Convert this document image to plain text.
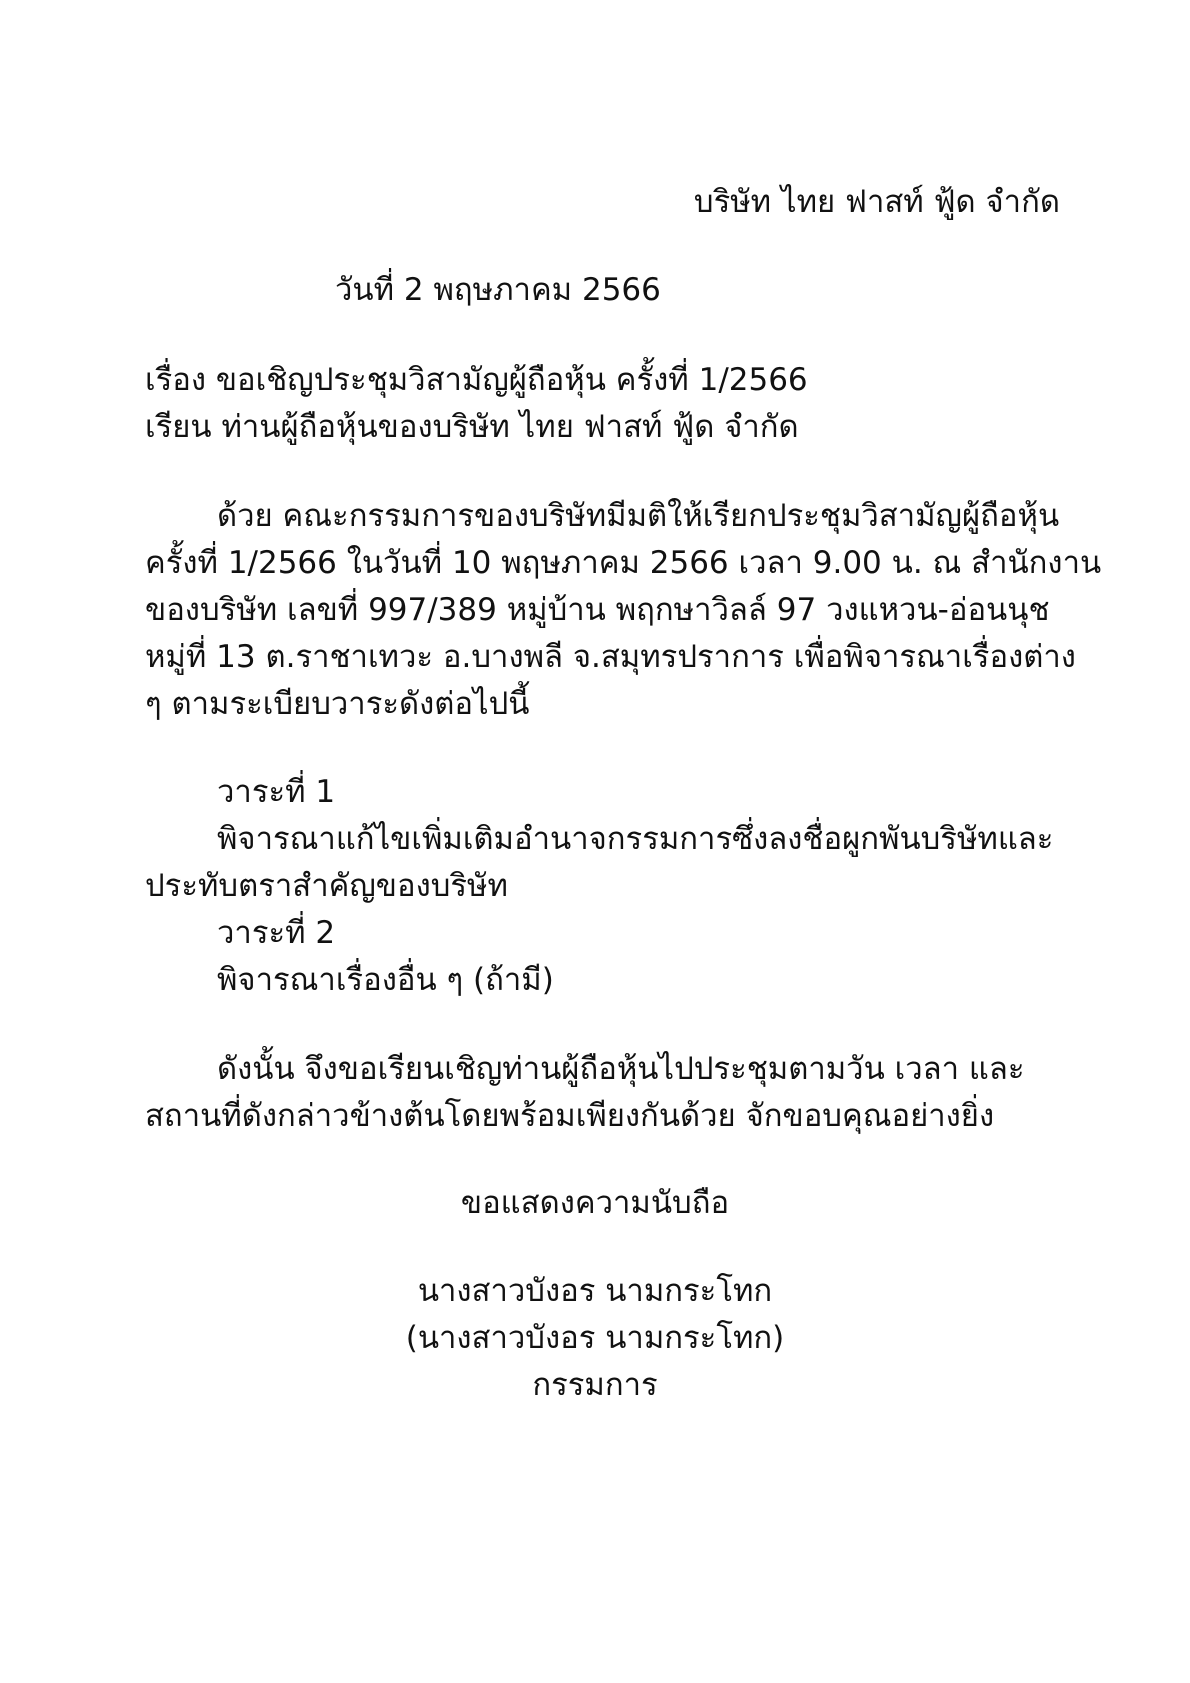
บริษัท ไทย ฟาสท์ ฟู้ด จำกัด

วันที่ 2 พฤษภาคม 2566

เรื่อง ขอเชิญประชุมวิสามัญผู้ถือหุ้น ครั้งที่ 1/2566

เรียน ท่านผู้ถือหุ้นของบริษัท ไทย ฟาสท์ ฟู้ด จำกัด

ด้วย คณะกรรมการของบริษัทมีมติให้เรียกประชุมวิสามัญผู้ถือหุ้น

ครั้งที่ 1/2566 ในวันที่ 10 พฤษภาคม 2566 เวลา 9.00 น. ณ สำนักงาน

ของบริษัท เลขที่ 997/389 หมู่บ้าน พฤกษาวิลล์ 97 วงแหวน-อ่อนนุช

หมู่ที่ 13 ต.ราชาเทวะ อ.บางพลี จ.สมุทรปราการ เพื่อพิจารณาเรื่องต่าง

ๆ ตามระเบียบวาระดังต่อไปนี้

วาระที่ 1

พิจารณาแก้ไขเพิ่มเติมอำนาจกรรมการซึ่งลงชื่อผูกพันบริษัทและ

ประทับตราสำคัญของบริษัท

วาระที่ 2

พิจารณาเรื่องอื่น ๆ (ถ้ามี)

ดังนั้น จึงขอเรียนเชิญท่านผู้ถือหุ้นไปประชุมตามวัน เวลา และ

สถานที่ดังกล่าวข้างต้นโดยพร้อมเพียงกันด้วย จักขอบคุณอย่างยิ่ง

ขอแสดงความนับถือ

นางสาวบังอร นามกระโทก

(นางสาวบังอร นามกระโทก)

กรรมการ
